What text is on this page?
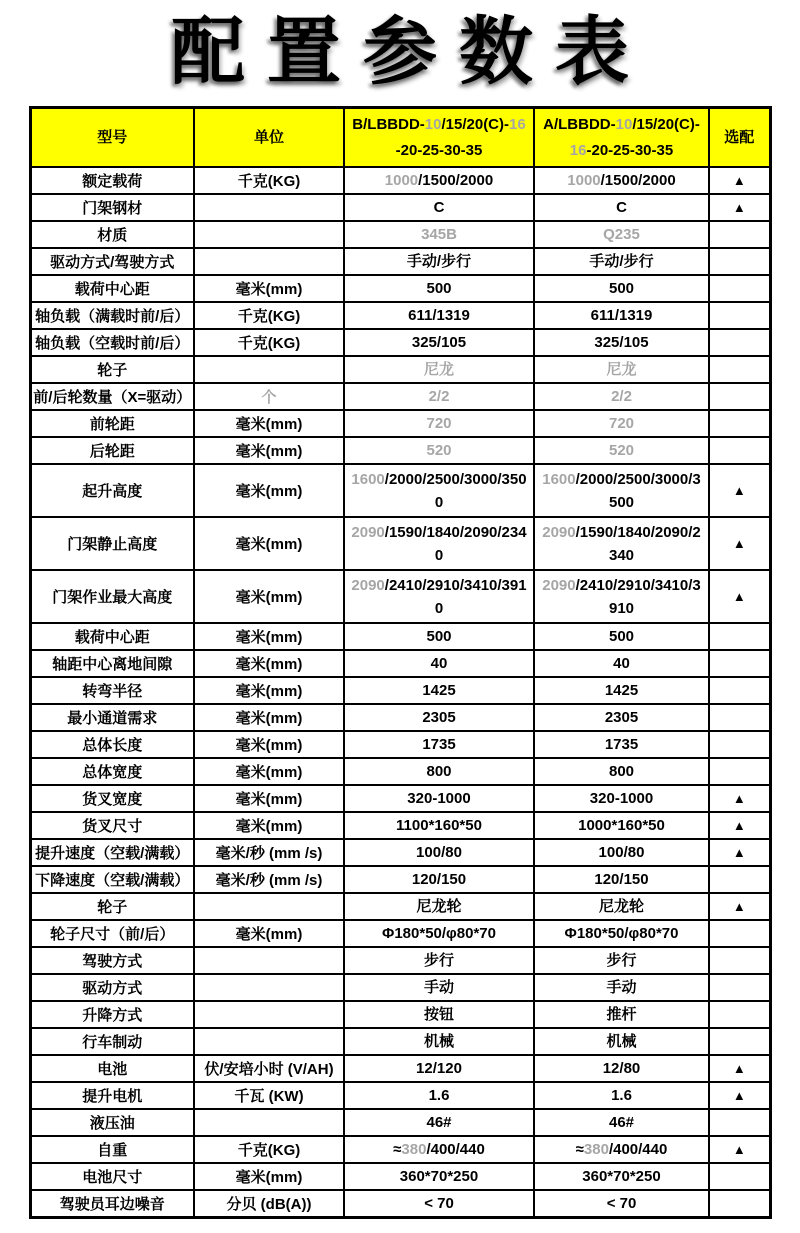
配置参数表
型号	单位	B/LBBDD-10/15/20(C)-16-20-25-30-35	A/LBBDD-10/15/20(C)-16-20-25-30-35	选配
额定载荷	千克(KG)	1000/1500/2000	1000/1500/2000	▲
门架钢材		C	C	▲
材质		345B	Q235	
驱动方式/驾驶方式		手动/步行	手动/步行	
载荷中心距	毫米(mm)	500	500	
轴负载（满载时前/后）	千克(KG)	611/1319	611/1319	
轴负载（空载时前/后）	千克(KG)	325/105	325/105	
轮子		尼龙	尼龙	
前/后轮数量（X=驱动）	个	2/2	2/2	
前轮距	毫米(mm)	720	720	
后轮距	毫米(mm)	520	520	
起升高度	毫米(mm)	1600/2000/2500/3000/3500	1600/2000/2500/3000/3500	▲
门架静止高度	毫米(mm)	2090/1590/1840/2090/2340	2090/1590/1840/2090/2340	▲
门架作业最大高度	毫米(mm)	2090/2410/2910/3410/3910	2090/2410/2910/3410/3910	▲
载荷中心距	毫米(mm)	500	500	
轴距中心离地间隙	毫米(mm)	40	40	
转弯半径	毫米(mm)	1425	1425	
最小通道需求	毫米(mm)	2305	2305	
总体长度	毫米(mm)	1735	1735	
总体宽度	毫米(mm)	800	800	
货叉宽度	毫米(mm)	320-1000	320-1000	▲
货叉尺寸	毫米(mm)	1100*160*50	1000*160*50	▲
提升速度（空载/满载）	毫米/秒 (mm /s)	100/80	100/80	▲
下降速度（空载/满载）	毫米/秒 (mm /s)	120/150	120/150	
轮子		尼龙轮	尼龙轮	▲
轮子尺寸（前/后）	毫米(mm)	Φ180*50/φ80*70	Φ180*50/φ80*70	
驾驶方式		步行	步行	
驱动方式		手动	手动	
升降方式		按钮	推杆	
行车制动		机械	机械	
电池	伏/安培小时 (V/AH)	12/120	12/80	▲
提升电机	千瓦 (KW)	1.6	1.6	▲
液压油		46#	46#	
自重	千克(KG)	≈380/400/440	≈380/400/440	▲
电池尺寸	毫米(mm)	360*70*250	360*70*250	
驾驶员耳边噪音	分贝 (dB(A))	< 70	< 70	
